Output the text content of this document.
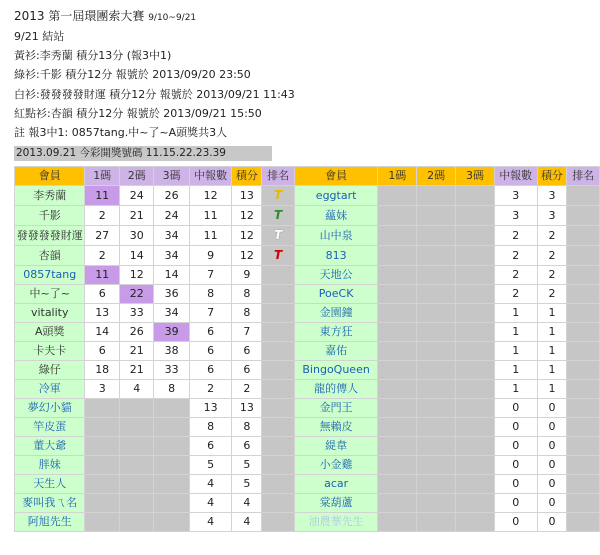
2013 第一屆環團索大賽 9/10~9/21
9/21 結站
黃衫:李秀蘭 積分13分 (報3中1)
綠衫:千影 積分12分 報號於 2013/09/20 23:50
白衫:發發發發財運 積分12分 報號於 2013/09/21 11:43
紅點衫:杏韻 積分12分 報號於 2013/09/21 15:50
註 報3中1: 0857tang.中~了~A頭獎共3人
2013.09.21 今彩開獎號碼 11.15.22.23.39
會員	1碼	2碼	3碼	中報數	積分	排名	會員	1碼	2碼	3碼	中報數	積分	排名
李秀蘭	11	24	26	12	13	T	eggtart				3	3	
千影	2	21	24	11	12	T	蘊妹				3	3	
發發發發財運	27	30	34	11	12	T	山中泉				2	2	
杏韻	2	14	34	9	12	T	813				2	2	
0857tang	11	12	14	7	9		天地公				2	2	
中~了~	6	22	36	8	8		PoeCK				2	2	
vitality	13	33	34	7	8		金園鐘				1	1	
A頭獎	14	26	39	6	7		東方狂				1	1	
卡夫卡	6	21	38	6	6		嘉佑				1	1	
綠仔	18	21	33	6	6		BingoQueen				1	1	
冷軍	3	4	8	2	2		龍的傳人				1	1	
夢幻小貓				13	13		金門王				0	0	
竿皮蛋				8	8		無賴皮				0	0	
董大爺				6	6		緹韋				0	0	
胖妹				5	5		小金雞				0	0	
天生人				4	5		acar				0	0	
麥叫我ㄟ名				4	4		棠葫蘆				0	0	
阿旭先生				4	4		油農華先生				0	0	
